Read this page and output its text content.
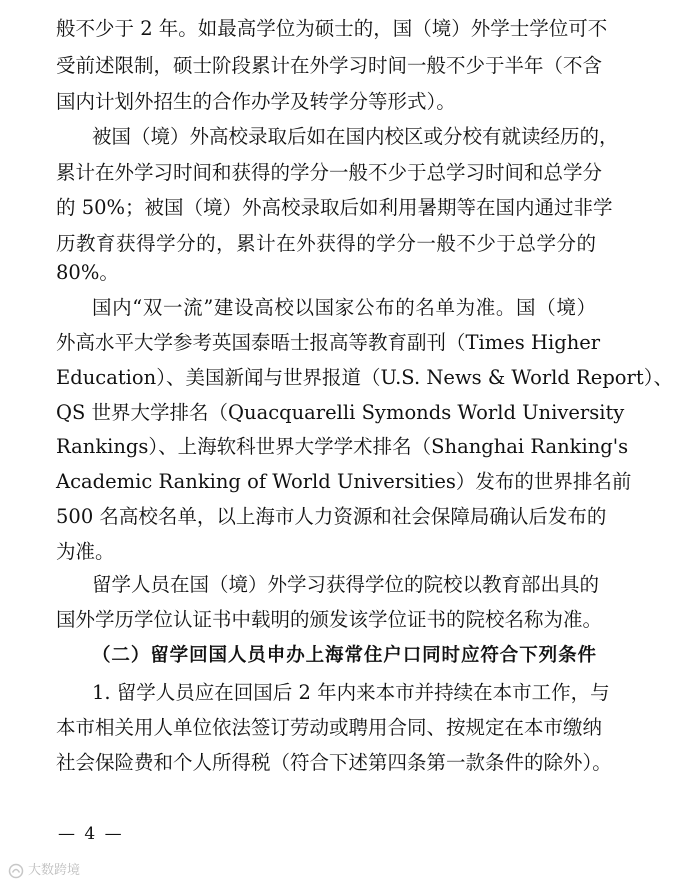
般不少于 2 年。如最高学位为硕士的，国（境）外学士学位可不
受前述限制，硕士阶段累计在外学习时间一般不少于半年（不含
国内计划外招生的合作办学及转学分等形式）。
被国（境）外高校录取后如在国内校区或分校有就读经历的，
累计在外学习时间和获得的学分一般不少于总学习时间和总学分
的 50%；被国（境）外高校录取后如利用暑期等在国内通过非学
历教育获得学分的，累计在外获得的学分一般不少于总学分的
80%。
国内“双一流”建设高校以国家公布的名单为准。国（境）
外高水平大学参考英国泰晤士报高等教育副刊（Times Higher
Education）、美国新闻与世界报道（U.S. News & World Report）、
QS 世界大学排名（Quacquarelli Symonds World University
Rankings）、上海软科世界大学学术排名（Shanghai Ranking's
Academic Ranking of World Universities）发布的世界排名前
500 名高校名单，以上海市人力资源和社会保障局确认后发布的
为准。
留学人员在国（境）外学习获得学位的院校以教育部出具的
国外学历学位认证书中载明的颁发该学位证书的院校名称为准。
（二）留学回国人员申办上海常住户口同时应符合下列条件
1. 留学人员应在回国后 2 年内来本市并持续在本市工作，与
本市相关用人单位依法签订劳动或聘用合同、按规定在本市缴纳
社会保险费和个人所得税（符合下述第四条第一款条件的除外）。
— 4 —
大数跨境
